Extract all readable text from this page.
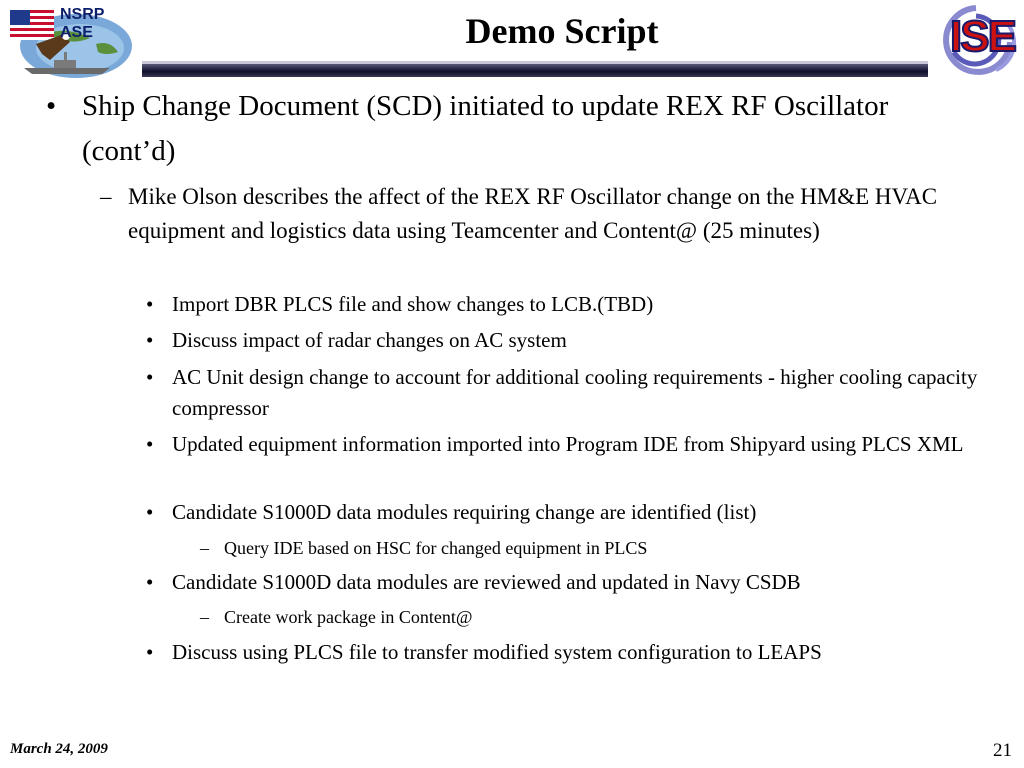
NSRP ASE	Demo Script	ISE
• Ship Change Document (SCD) initiated to update REX RF Oscillator (cont’d)

– Mike Olson describes the affect of the REX RF Oscillator change on the HM&E HVAC equipment and logistics data using Teamcenter and Content@ (25 minutes)

• Import DBR PLCS file and show changes to LCB.(TBD)

• Discuss impact of radar changes on AC system

• AC Unit design change to account for additional cooling requirements - higher cooling capacity compressor

• Updated equipment information imported into Program IDE from Shipyard using PLCS XML

• Candidate S1000D data modules requiring change are identified (list)

– Query IDE based on HSC for changed equipment in PLCS

• Candidate S1000D data modules are reviewed and updated in Navy CSDB

– Create work package in Content@

• Discuss using PLCS file to transfer modified system configuration to LEAPS

March 24, 2009	21
